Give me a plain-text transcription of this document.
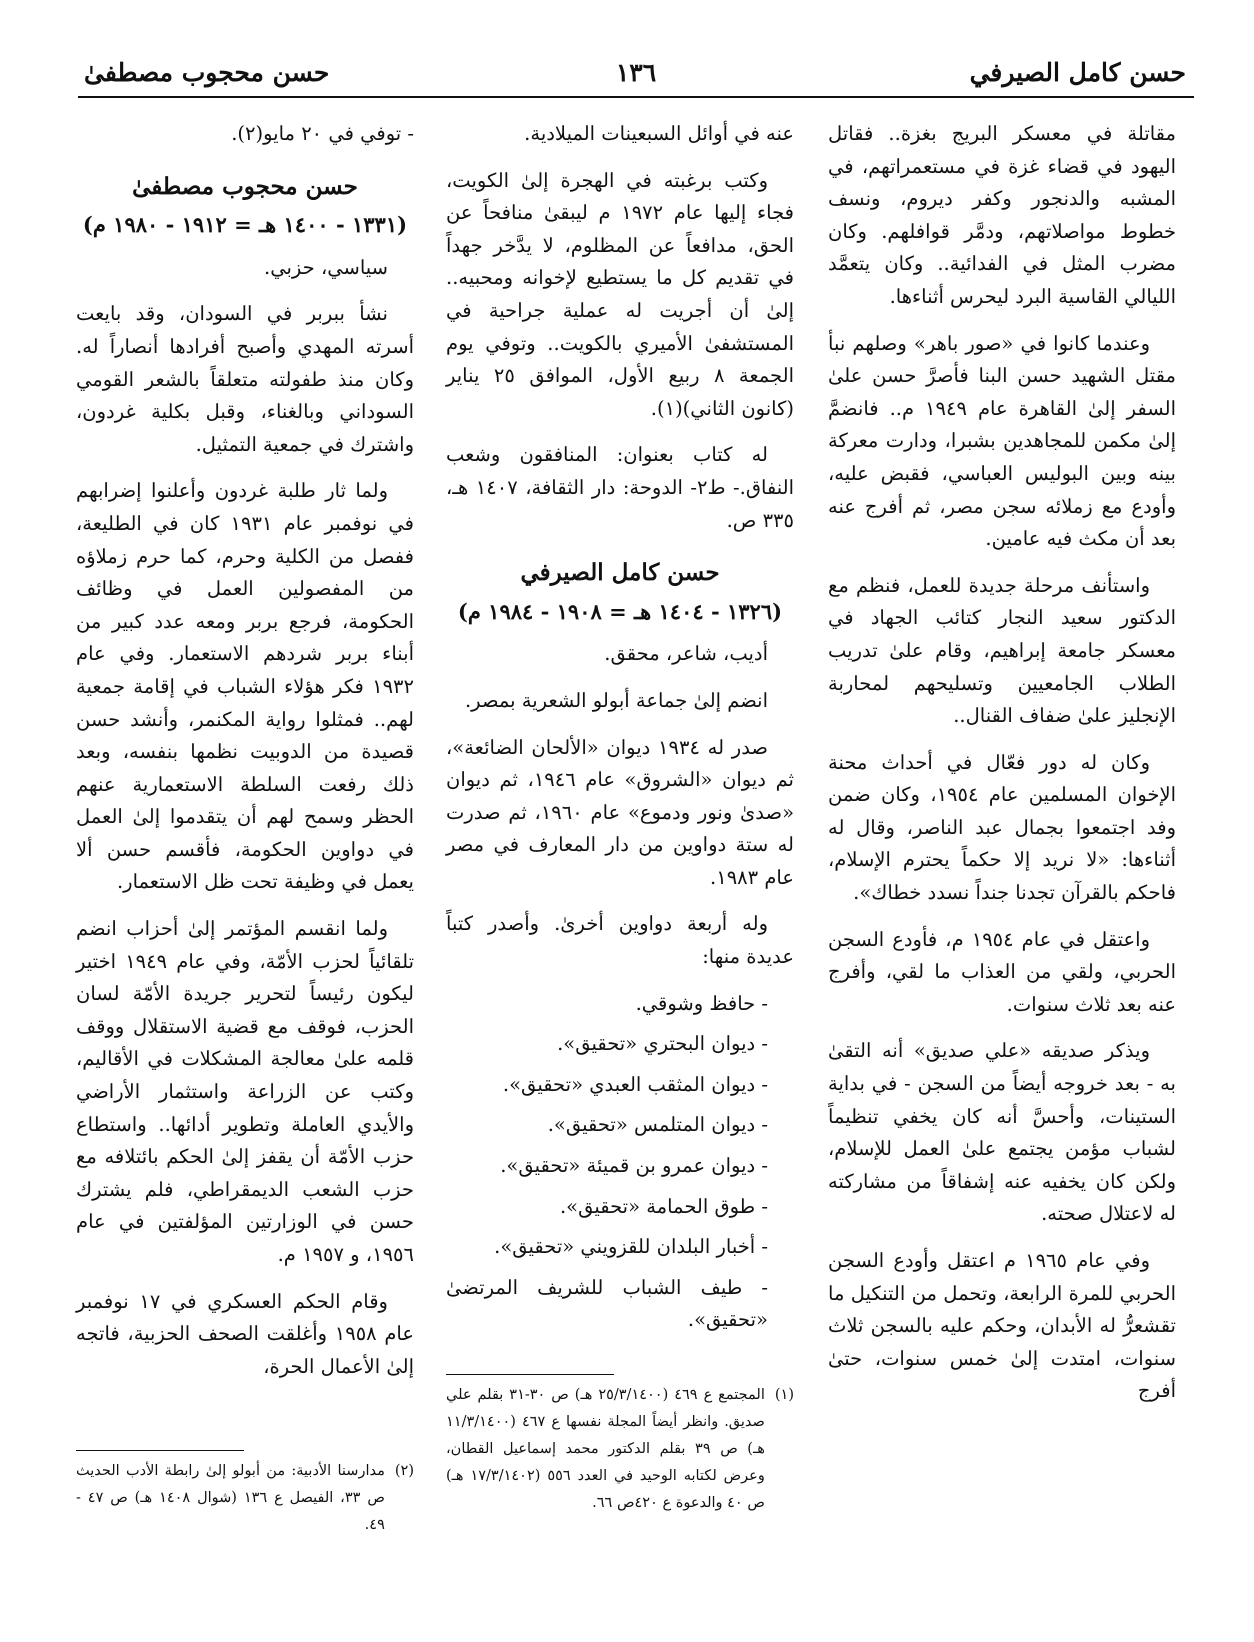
حسن كامل الصيرفي
١٣٦
حسن محجوب مصطفىٰ

مقاتلة في معسكر البريج بغزة.. فقاتل اليهود في قضاء غزة في مستعمراتهم، في المشبه والدنجور وكفر ديروم، ونسف خطوط مواصلاتهم، ودمَّر قوافلهم. وكان مضرب المثل في الفدائية.. وكان يتعمَّد الليالي القاسية البرد ليحرس أثناءها.

وعندما كانوا في «صور باهر» وصلهم نبأ مقتل الشهيد حسن البنا فأصرَّ حسن علىٰ السفر إلىٰ القاهرة عام ١٩٤٩ م.. فانضمَّ إلىٰ مكمن للمجاهدين بشبرا، ودارت معركة بينه وبين البوليس العباسي، فقبض عليه، وأودع مع زملائه سجن مصر، ثم أفرج عنه بعد أن مكث فيه عامين.

واستأنف مرحلة جديدة للعمل، فنظم مع الدكتور سعيد النجار كتائب الجهاد في معسكر جامعة إبراهيم، وقام علىٰ تدريب الطلاب الجامعيين وتسليحهم لمحاربة الإنجليز علىٰ ضفاف القنال..

وكان له دور فعّال في أحداث محنة الإخوان المسلمين عام ١٩٥٤، وكان ضمن وفد اجتمعوا بجمال عبد الناصر، وقال له أثناءها: «لا نريد إلا حكماً يحترم الإسلام، فاحكم بالقرآن تجدنا جنداً نسدد خطاك».

واعتقل في عام ١٩٥٤ م، فأودع السجن الحربي، ولقي من العذاب ما لقي، وأفرج عنه بعد ثلاث سنوات.

ويذكر صديقه «علي صديق» أنه التقىٰ به - بعد خروجه أيضاً من السجن - في بداية الستينات، وأحسَّ أنه كان يخفي تنظيماً لشباب مؤمن يجتمع علىٰ العمل للإسلام، ولكن كان يخفيه عنه إشفاقاً من مشاركته له لاعتلال صحته.

وفي عام ١٩٦٥ م اعتقل وأودع السجن الحربي للمرة الرابعة، وتحمل من التنكيل ما تقشعرُّ له الأبدان، وحكم عليه بالسجن ثلاث سنوات، امتدت إلىٰ خمس سنوات، حتىٰ أفرج

عنه في أوائل السبعينات الميلادية.

وكتب برغبته في الهجرة إلىٰ الكويت، فجاء إليها عام ١٩٧٢ م ليبقىٰ منافحاً عن الحق، مدافعاً عن المظلوم، لا يدَّخر جهداً في تقديم كل ما يستطيع لإخوانه ومحبيه.. إلىٰ أن أجريت له عملية جراحية في المستشفىٰ الأميري بالكويت.. وتوفي يوم الجمعة ٨ ربيع الأول، الموافق ٢٥ يناير (كانون الثاني)(١).

له كتاب بعنوان: المنافقون وشعب النفاق.- ط٢- الدوحة: دار الثقافة، ١٤٠٧ هـ، ٣٣٥ ص.

حسن كامل الصيرفي
(١٣٢٦ - ١٤٠٤ هـ = ١٩٠٨ - ١٩٨٤ م)

أديب، شاعر، محقق.

انضم إلىٰ جماعة أبولو الشعرية بمصر.

صدر له ١٩٣٤ ديوان «الألحان الضائعة»، ثم ديوان «الشروق» عام ١٩٤٦، ثم ديوان «صدىٰ ونور ودموع» عام ١٩٦٠، ثم صدرت له ستة دواوين من دار المعارف في مصر عام ١٩٨٣.

وله أربعة دواوين أخرىٰ. وأصدر كتباً عديدة منها:

- حافظ وشوقي.
- ديوان البحتري «تحقيق».
- ديوان المثقب العبدي «تحقيق».
- ديوان المتلمس «تحقيق».
- ديوان عمرو بن قميئة «تحقيق».
- طوق الحمامة «تحقيق».
- أخبار البلدان للقزويني «تحقيق».
- طيف الشباب للشريف المرتضىٰ «تحقيق».

- توفي في ٢٠ مايو(٢).

حسن محجوب مصطفىٰ
(١٣٣١ - ١٤٠٠ هـ = ١٩١٢ - ١٩٨٠ م)

سياسي، حزبي.

نشأ ببربر في السودان، وقد بايعت أسرته المهدي وأصبح أفرادها أنصاراً له. وكان منذ طفولته متعلقاً بالشعر القومي السوداني وبالغناء، وقبل بكلية غردون، واشترك في جمعية التمثيل.

ولما ثار طلبة غردون وأعلنوا إضرابهم في نوفمبر عام ١٩٣١ كان في الطليعة، ففصل من الكلية وحرم، كما حرم زملاؤه من المفصولين العمل في وظائف الحكومة، فرجع بربر ومعه عدد كبير من أبناء بربر شردهم الاستعمار. وفي عام ١٩٣٢ فكر هؤلاء الشباب في إقامة جمعية لهم.. فمثلوا رواية المكنمر، وأنشد حسن قصيدة من الدوبيت نظمها بنفسه، وبعد ذلك رفعت السلطة الاستعمارية عنهم الحظر وسمح لهم أن يتقدموا إلىٰ العمل في دواوين الحكومة، فأقسم حسن ألا يعمل في وظيفة تحت ظل الاستعمار.

ولما انقسم المؤتمر إلىٰ أحزاب انضم تلقائياً لحزب الأمّة، وفي عام ١٩٤٩ اختير ليكون رئيساً لتحرير جريدة الأمّة لسان الحزب، فوقف مع قضية الاستقلال ووقف قلمه علىٰ معالجة المشكلات في الأقاليم، وكتب عن الزراعة واستثمار الأراضي والأيدي العاملة وتطوير أدائها.. واستطاع حزب الأمّة أن يقفز إلىٰ الحكم بائتلافه مع حزب الشعب الديمقراطي، فلم يشترك حسن في الوزارتين المؤلفتين في عام ١٩٥٦، و ١٩٥٧ م.

وقام الحكم العسكري في ١٧ نوفمبر عام ١٩٥٨ وأغلقت الصحف الحزبية، فاتجه إلىٰ الأعمال الحرة،

(١)
المجتمع ع ٤٦٩ (٢٥/٣/١٤٠٠ هـ) ص ٣٠-٣١ بقلم علي صديق. وانظر أيضاً المجلة نفسها ع ٤٦٧ (١١/٣/١٤٠٠ هـ) ص ٣٩ بقلم الدكتور محمد إسماعيل القطان، وعرض لكتابه الوحيد في العدد ٥٥٦ (١٧/٣/١٤٠٢ هـ) ص ٤٠ والدعوة ع ٤٢٠ص ٦٦.
(٢)
مدارسنا الأدبية: من أبولو إلىٰ رابطة الأدب الحديث ص ٣٣، الفيصل ع ١٣٦ (شوال ١٤٠٨ هـ) ص ٤٧ - ٤٩.
